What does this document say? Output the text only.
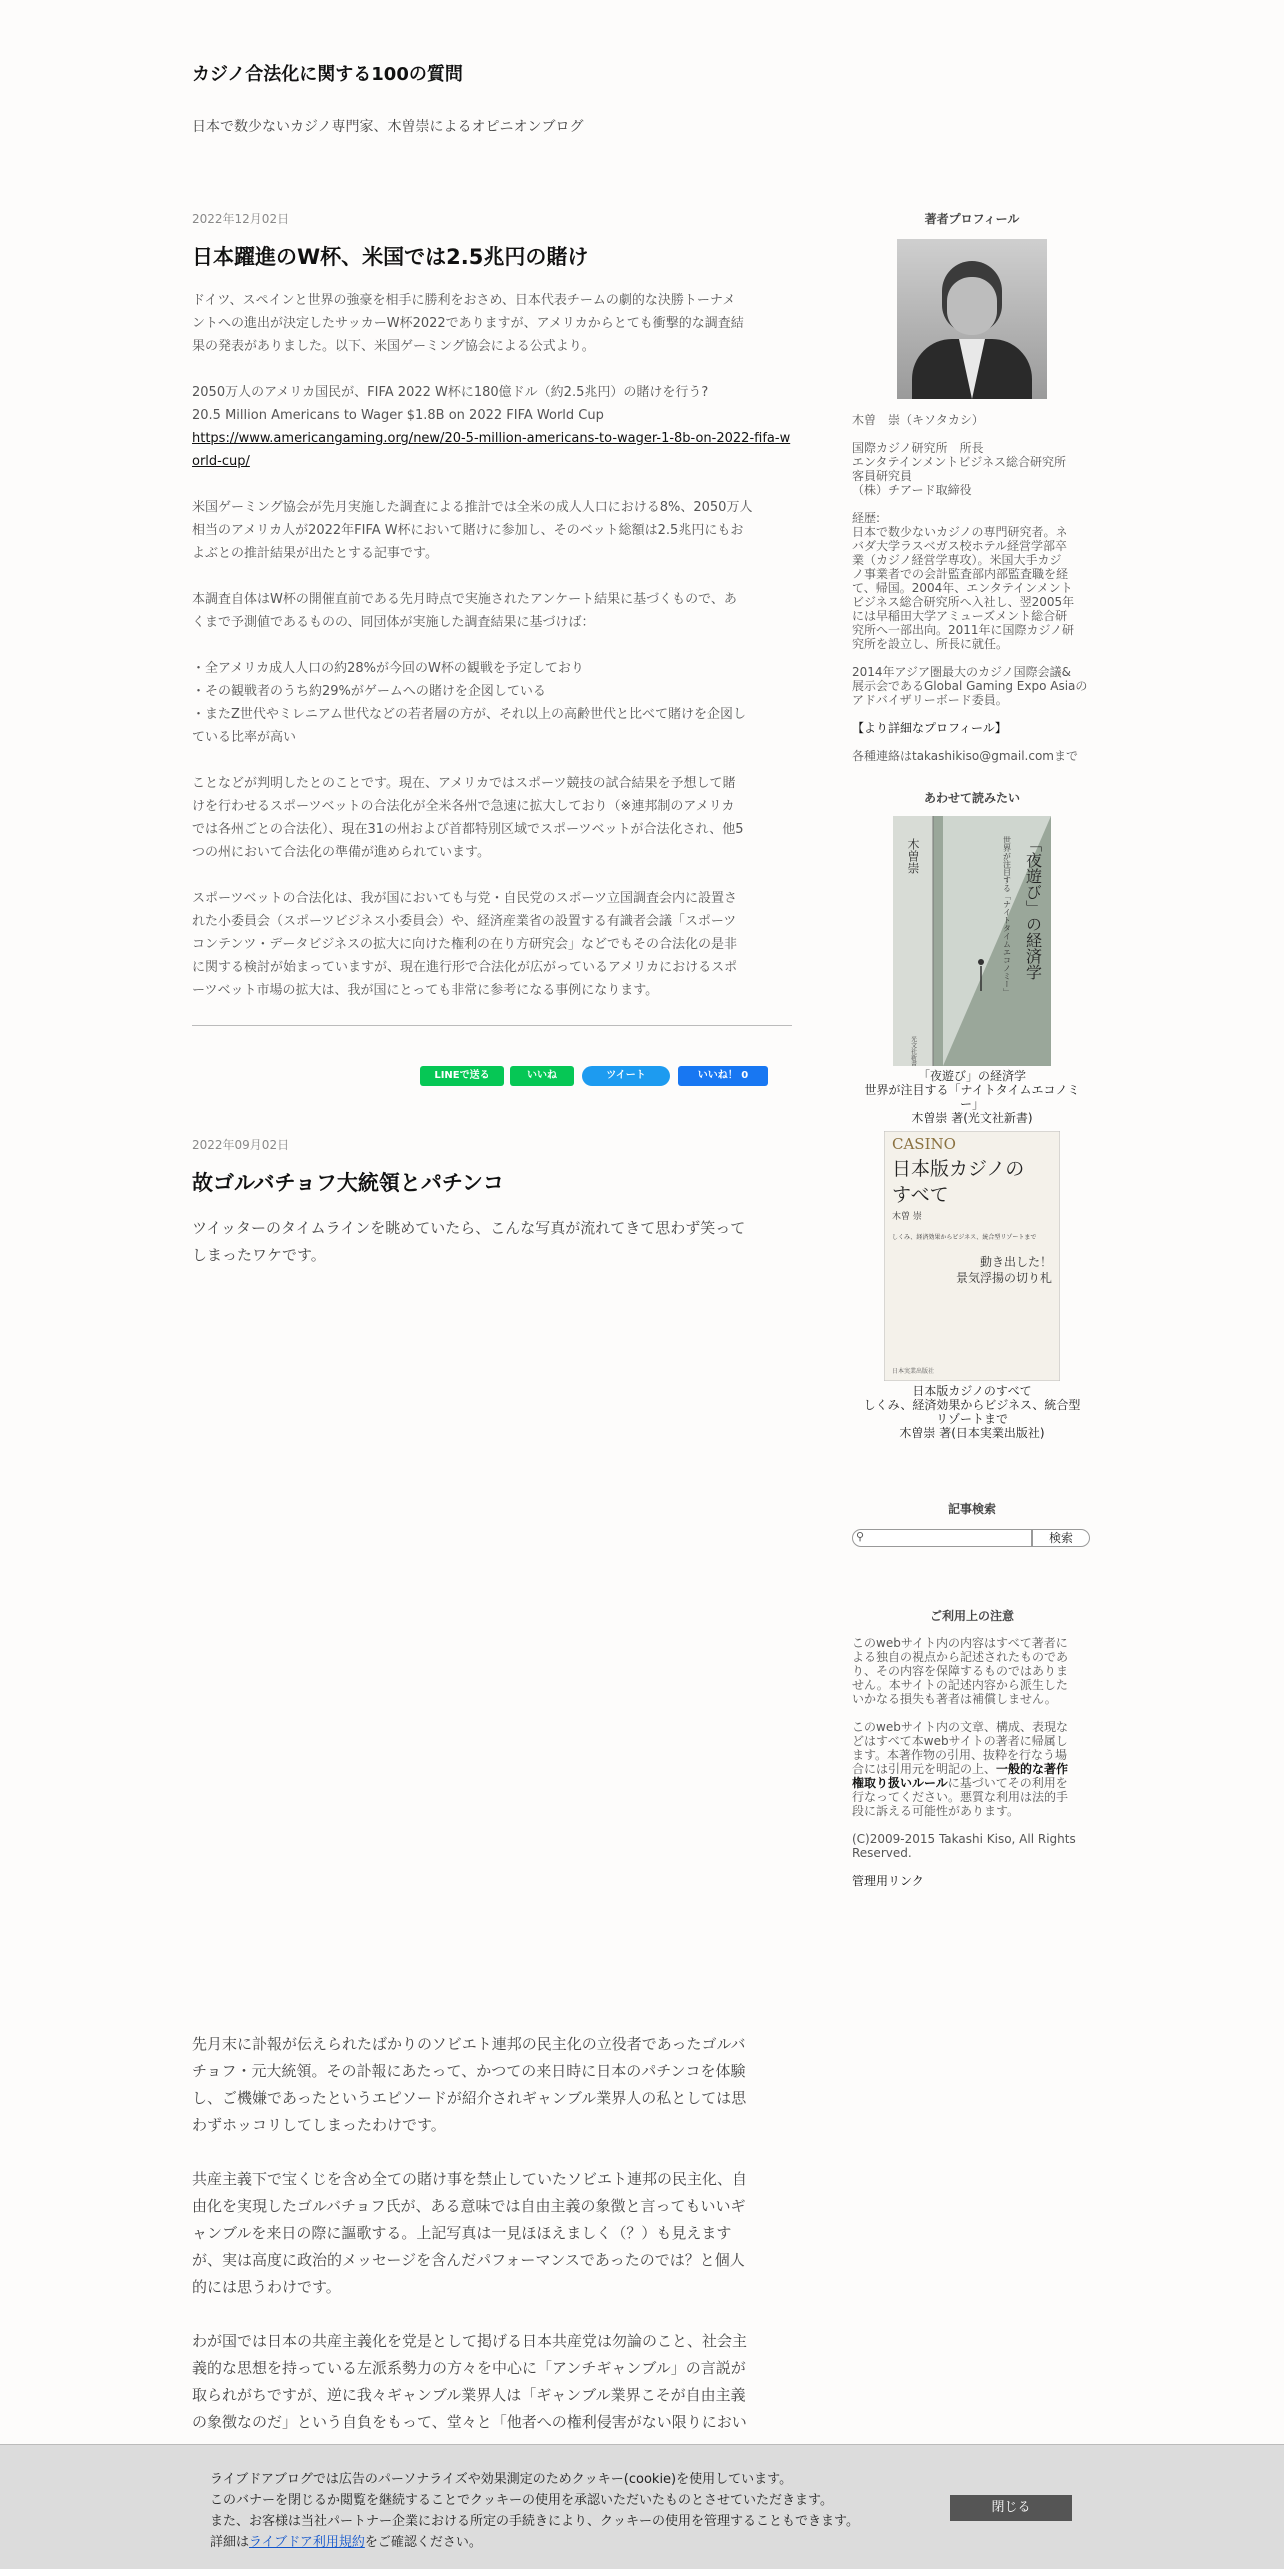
カジノ合法化に関する100の質問
日本で数少ないカジノ専門家、木曽崇によるオピニオンブログ
2022年12月02日
日本躍進のW杯、米国では2.5兆円の賭け

ドイツ、スペインと世界の強豪を相手に勝利をおさめ、日本代表チームの劇的な決勝トーナメ
ントへの進出が決定したサッカーW杯2022でありますが、アメリカからとても衝撃的な調査結
果の発表がありました。以下、米国ゲーミング協会による公式より。

2050万人のアメリカ国民が、FIFA 2022 W杯に180億ドル（約2.5兆円）の賭けを行う?
20.5 Million Americans to Wager $1.8B on 2022 FIFA World Cup
https://www.americangaming.org/new/20-5-million-americans-to-wager-1-8b-on-2022-fifa-world-cup/

米国ゲーミング協会が先月実施した調査による推計では全米の成人人口における8%、2050万人
相当のアメリカ人が2022年FIFA W杯において賭けに参加し、そのベット総額は2.5兆円にもお
よぶとの推計結果が出たとする記事です。

本調査自体はW杯の開催直前である先月時点で実施されたアンケート結果に基づくもので、あ
くまで予測値であるものの、同団体が実施した調査結果に基づけば：

・全アメリカ成人人口の約28%が今回のW杯の観戦を予定しており
・その観戦者のうち約29%がゲームへの賭けを企図している
・またZ世代やミレニアム世代などの若者層の方が、それ以上の高齢世代と比べて賭けを企図し
ている比率が高い

ことなどが判明したとのことです。現在、アメリカではスポーツ競技の試合結果を予想して賭
けを行わせるスポーツベットの合法化が全米各州で急速に拡大しており（※連邦制のアメリカ
では各州ごとの合法化）、現在31の州および首都特別区域でスポーツベットが合法化され、他5
つの州において合法化の準備が進められています。

スポーツベットの合法化は、我が国においても与党・自民党のスポーツ立国調査会内に設置さ
れた小委員会（スポーツビジネス小委員会）や、経済産業省の設置する有識者会議「スポーツ
コンテンツ・データビジネスの拡大に向けた権利の在り方研究会」などでもその合法化の是非
に関する検討が始まっていますが、現在進行形で合法化が広がっているアメリカにおけるスポ
ーツベット市場の拡大は、我が国にとっても非常に参考になる事例になります。

LINEで送る	いいね	ツイート	いいね！ 0
2022年09月02日
故ゴルバチョフ大統領とパチンコ

ツイッターのタイムラインを眺めていたら、こんな写真が流れてきて思わず笑って
しまったワケです。

先月末に訃報が伝えられたばかりのソビエト連邦の民主化の立役者であったゴルバ
チョフ・元大統領。その訃報にあたって、かつての来日時に日本のパチンコを体験
し、ご機嫌であったというエピソードが紹介されギャンブル業界人の私としては思
わずホッコリしてしまったわけです。

共産主義下で宝くじを含め全ての賭け事を禁止していたソビエト連邦の民主化、自
由化を実現したゴルバチョフ氏が、ある意味では自由主義の象徴と言ってもいいギ
ャンブルを来日の際に謳歌する。上記写真は一見ほほえましく（？）も見えます
が、実は高度に政治的メッセージを含んだパフォーマンスであったのでは？と個人
的には思うわけです。

わが国では日本の共産主義化を党是として掲げる日本共産党は勿論のこと、社会主
義的な思想を持っている左派系勢力の方々を中心に「アンチギャンブル」の言説が
取られがちですが、逆に我々ギャンブル業界人は「ギャンブル業界こそが自由主義
の象徴なのだ」という自負をもって、堂々と「他者への権利侵害がない限りにおい

著者プロフィール

木曽　崇（キソタカシ）

国際カジノ研究所　所長
エンタテインメントビジネス総合研究所
客員研究員
（株）チアード取締役

経歴:

日本で数少ないカジノの専門研究者。ネ
バダ大学ラスベガス校ホテル経営学部卒
業（カジノ経営学専攻）。米国大手カジ
ノ事業者での会計監査部内部監査職を経
て、帰国。2004年、エンタテインメント
ビジネス総合研究所へ入社し、翌2005年
には早稲田大学アミューズメント総合研
究所へ一部出向。2011年に国際カジノ研
究所を設立し、所長に就任。

2014年アジア圏最大のカジノ国際会議&
展示会であるGlobal Gaming Expo Asiaの
アドバイザリーボード委員。

【より詳細なプロフィール】

各種連絡はtakashikiso@gmail.comまで

あわせて読みたい
木曽崇	「夜遊び」の経済学
世界が注目する「ナイトタイムエコノミー」
光文社新書
「夜遊び」の経済学
世界が注目する「ナイトタイムエコノミ
ー」
木曽崇 著(光文社新書)
CASINO
日本版カジノの
すべて
木曽 崇
しくみ、経済効果からビジネス、統合型リゾートまで
動き出した！
景気浮揚の切り札
日本実業出版社
日本版カジノのすべて
しくみ、経済効果からビジネス、統合型
リゾートまで
木曽崇 著(日本実業出版社)
記事検索
⚲	検索
ご利用上の注意

このwebサイト内の内容はすべて著者に
よる独自の視点から記述されたものであ
り、その内容を保障するものではありま
せん。本サイトの記述内容から派生した
いかなる損失も著者は補償しません。

このwebサイト内の文章、構成、表現な
どはすべて本webサイトの著者に帰属し
ます。本著作物の引用、抜粋を行なう場
合には引用元を明記の上、一般的な著作
権取り扱いルールに基づいてその利用を
行なってください。悪質な利用は法的手
段に訴える可能性があります。

(C)2009-2015 Takashi Kiso, All Rights
Reserved.

管理用リンク

ライブドアブログでは広告のパーソナライズや効果測定のためクッキー(cookie)を使用しています。
このバナーを閉じるか閲覧を継続することでクッキーの使用を承認いただいたものとさせていただきます。
また、お客様は当社パートナー企業における所定の手続きにより、クッキーの使用を管理することもできます。
詳細はライブドア利用規約をご確認ください。
閉じる
